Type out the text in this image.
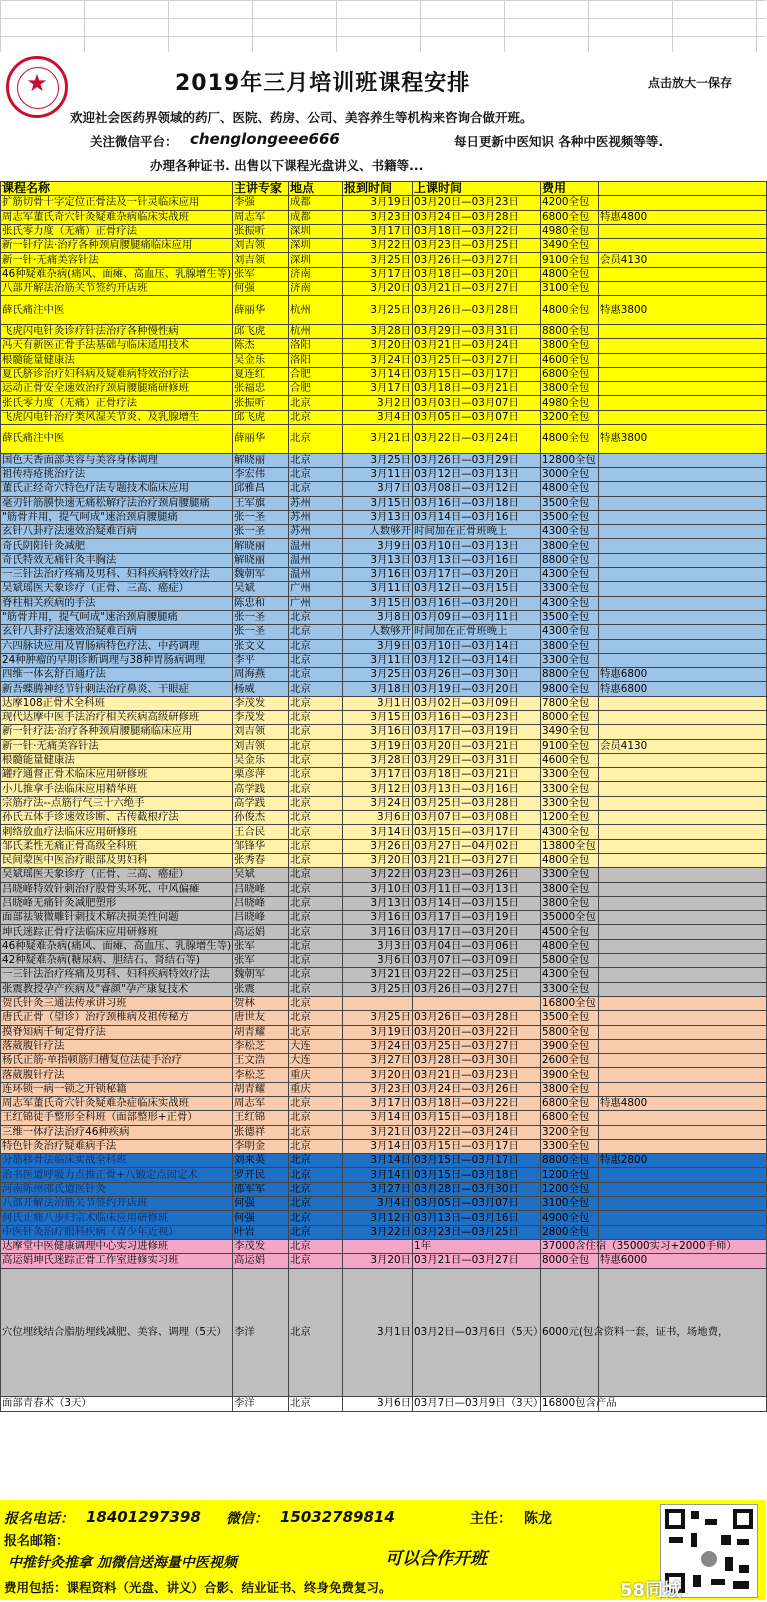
★	2019年三月培训班课程安排	点击放大一保存
欢迎社会医药界领域的药厂、医院、药房、公司、美容养生等机构来咨询合做开班。
关注微信平台： chenglongeee666	每日更新中医知识 各种中医视频等等.
办理各种证书. 出售以下课程光盘讲义、书籍等...
课程名称	主讲专家	地点	报到时间	上课时间	费用	
扩筋切骨十字定位正骨法及一针灵临床应用	李强	成都	3月19日	03月20日—03月23日	4200全包	
周志军董氏奇穴针灸疑难杂病临床实战班	周志军	成都	3月23日	03月24日—03月28日	6800全包	特惠4800
张氏零力度（无痛）正骨疗法	张振听	深圳	3月17日	03月18日—03月22日	4980全包	
新一针疗法·治疗各种颈肩腰腿痛临床应用	刘吉领	深圳	3月22日	03月23日—03月25日	3490全包	
新一针·无痛美容针法	刘吉领	深圳	3月25日	03月26日—03月27日	9100全包	会员4130
46种疑难杂病(痛风、面瘫、高血压、乳腺增生等)	张军	济南	3月17日	03月18日—03月20日	4800全包	
八部开解法治筋关节签约开店班	何强	济南	3月20日	03月21日—03月27日	3100全包	
薛氏痛注中医	薛丽华	杭州	3月25日	03月26日—03月28日	4800全包	特惠3800
飞虎闪电针灸诊疗针法治疗各种慢性病	邱飞虎	杭州	3月28日	03月29日—03月31日	8800全包	
冯天有新医正骨手法基础与临床适用技术	陈杰	洛阳	3月20日	03月21日—03月24日	3800全包	
根髓能量健康法	吴金乐	洛阳	3月24日	03月25日—03月27日	4600全包	
夏氏脐诊治疗妇科病及疑难病特效治疗法	夏连红	合肥	3月14日	03月15日—03月17日	6800全包	
运动正骨安全速效治疗颈肩腰腿痛研修班	张福忠	合肥	3月17日	03月18日—03月21日	3800全包	
张氏零力度（无痛）正骨疗法	张振听	北京	3月2日	03月03日—03月07日	4980全包	
飞虎闪电针治疗类风湿关节炎、及乳腺增生	邱飞虎	北京	3月4日	03月05日—03月07日	3200全包	
薛氏痛注中医	薛丽华	北京	3月21日	03月22日—03月24日	4800全包	特惠3800
国色天香面部美容与美容身体调理	解晓丽	北京	3月25日	03月26日—03月29日	12800全包	
祖传痔疮挑治疗法	李宏伟	北京	3月11日	03月12日—03月13日	3000全包	
董氏正经奇穴特色疗法专题技术临床应用	邱雅昌	北京	3月7日	03月08日—03月12日	4800全包	
毫刃针筋膜快速无痛松解疗法治疗颈肩腰腿痛	王军旗	苏州	3月15日	03月16日—03月18日	3500全包	
"筋骨并用，提气呵成"速治颈肩腰腿痛	张一圣	苏州	3月13日	03月14日—03月16日	3500全包	
玄针八卦疗法速效治疑难百病	张一圣	苏州	人数够开	时间加在正骨班晚上	4300全包	
奇氏阴阳针灸减肥	解晓丽	温州	3月9日	03月10日—03月13日	3800全包	
奇氏特效无痛针灸丰胸法	解晓丽	温州	3月13日	03月13日—03月16日	8800全包	
一三针法治疗疼痛及男科、妇科疾病特效疗法	魏朝军	温州	3月16日	03月17日—03月20日	4300全包	
吴斌瑶医天象诊疗（正骨、三高、癌症）	吴斌	广州	3月11日	03月12日—03月15日	3300全包	
脊柱相关疾病的手法	陈忠和	广州	3月15日	03月16日—03月20日	4300全包	
"筋骨并用，提气呵成"速治颈肩腰腿痛	张一圣	北京	3月8日	03月09日—03月11日	3500全包	
玄针八卦疗法速效治疑难百病	张一圣	北京	人数够开	时间加在正骨班晚上	4300全包	
六四脉诀应用及胃肠病特色疗法、中药调理	张文义	北京	3月9日	03月10日—03月14日	3800全包	
24种肿瘤的早期诊断调理与38种胃肠病调理	李平	北京	3月11日	03月12日—03月14日	3300全包	
四维一体玄舒百通疗法	周海燕	北京	3月25日	03月26日—03月30日	8800全包	特惠6800
新吾蝶腾神经节针刺法治疗鼻炎、干眼症	杨威	北京	3月18日	03月19日—03月20日	9800全包	特惠6800
达摩108正骨术全科班	李茂发	北京	3月1日	03月02日—03月09日	7800全包	
现代达摩中医手法治疗相关疾病高级研修班	李茂发	北京	3月15日	03月16日—03月23日	8000全包	
新一针疗法·治疗各种颈肩腰腿痛临床应用	刘吉领	北京	3月16日	03月17日—03月19日	3490全包	
新一针·无痛美容针法	刘吉领	北京	3月19日	03月20日—03月21日	9100全包	会员4130
根髓能量健康法	吴金乐	北京	3月28日	03月29日—03月31日	4600全包	
罐疗通督正骨术临床应用研修班	栗彦萍	北京	3月17日	03月18日—03月21日	3300全包	
小儿推拿手法临床应用精华班	高学践	北京	3月12日	03月13日—03月16日	3300全包	
宗筋疗法--点筋行气三十六绝手	高学践	北京	3月24日	03月25日—03月28日	3300全包	
孙氏五体手诊速效诊断、古传截根疗法	孙俊杰	北京	3月6日	03月07日—03月08日	1200全包	
刺络放血疗法临床应用研修班	王合民	北京	3月14日	03月15日—03月17日	4300全包	
邹氏柔性无痛正骨高级全科班	邹锋华	北京	3月26日	03月27日—04月02日	13800全包	
民间蒙医中医治疗眼部及男妇科	张秀春	北京	3月20日	03月21日—03月27日	4800全包	
吴斌瑶医天象诊疗（正骨、三高、癌症）	吴斌	北京	3月22日	03月23日—03月26日	3300全包	
吕晓峰特效针刺治疗股骨头坏死、中风偏瘫	吕晓峰	北京	3月10日	03月11日—03月13日	3800全包	
吕晓峰无痛针灸减肥塑形	吕晓峰	北京	3月13日	03月14日—03月15日	3800全包	
面部祛皱微雕针刺技术解决损美性问题	吕晓峰	北京	3月16日	03月17日—03月19日	35000全包	
坤氏迷踪正骨疗法临床应用研修班	高运娟	北京	3月16日	03月17日—03月20日	4500全包	
46种疑难杂病(痛风、面瘫、高血压、乳腺增生等)	张军	北京	3月3日	03月04日—03月06日	4800全包	
42种疑难杂病(糖尿病、胆结石、肾结石等)	张军	北京	3月6日	03月07日—03月09日	5800全包	
一三针法治疗疼痛及男科、妇科疾病特效疗法	魏朝军	北京	3月21日	03月22日—03月25日	4300全包	
张震教授孕产疾病及"睿颜"孕产康复技术	张震	北京	3月25日	03月26日—03月27日	3300全包	
贺氏针灸三通法传承讲习班	贺林	北京			16800全包	
唐氏正骨（望诊）治疗颈椎病及祖传秘方	唐世友	北京	3月25日	03月26日—03月28日	3500全包	
摸脊知病千甸定骨疗法	胡青耀	北京	3月19日	03月20日—03月22日	5800全包	
落葳腹针疗法	李松芝	大连	3月24日	03月25日—03月27日	3900全包	
杨氏正筋·单指顿筋归槽复位法徒手治疗	王文浩	大连	3月27日	03月28日—03月30日	2600全包	
落葳腹针疗法	李松芝	重庆	3月20日	03月21日—03月23日	3900全包	
连环锁一病一锁之开锁秘籍	胡青耀	重庆	3月23日	03月24日—03月26日	3800全包	
周志军董氏奇穴针灸疑难杂症临床实战班	周志军	北京	3月17日	03月18日—03月22日	6800全包	特惠4800
王红锦徒手整形全科班（面部整形+正骨）	王红锦	北京	3月14日	03月15日—03月18日	6800全包	
三维一体疗法治疗46种疾病	张德祥	北京	3月21日	03月22日—03月24日	3200全包	
特色针灸治疗疑难病手法	李明金	北京	3月14日	03月15日—03月17日	3300全包	
分筋移骨法临床实战全科班	刘来英	北京	3月14日	03月15日—03月17日	8800全包	特惠2800
治书医道呼吸力点推正骨+八锻定点固定术	罗开民	北京	3月14日	03月15日—03月18日	1200全包	
河南陈州邵氏道医针灸	邵军军	北京	3月27日	03月28日—03月30日	1200全包	
八部开解法治筋关节签约开店班	何强	北京	3月4日	03月05日—03月07日	3100全包	
何氏止痛八步归宗术临床应用研修班	何强	北京	3月12日	03月13日—03月16日	4900全包	
中医针灸治疗眼科疾病（青少年近视）	叶岩	北京	3月22日	03月23日—03月25日	2800全包	
达摩堂中医健康调理中心实习进修班	李茂发	北京		1年	37000含住宿（35000实习+2000手师）	
高运娟坤氏迷踪正骨工作室进修实习班	高运娟	北京	3月20日	03月21日—03月27日	8000全包	特惠6000
穴位埋线结合脂肪埋线减肥、美容、调理（5天）	李洋	北京	3月1日	03月2日—03月6日（5天）	6000元(包含资料一套，证书，场地费，	
面部青春术（3天）	李洋	北京	3月6日	03月7日—03月9日（3天）	16800包含产品	
报名电话： 18401297398 微信： 15032789814	主任： 陈龙
报名邮箱：
中推针灸推拿 加微信送海量中医视频	可以合作开班
费用包括：课程资料（光盘、讲义）合影、结业证书、终身免费复习。	58同城
